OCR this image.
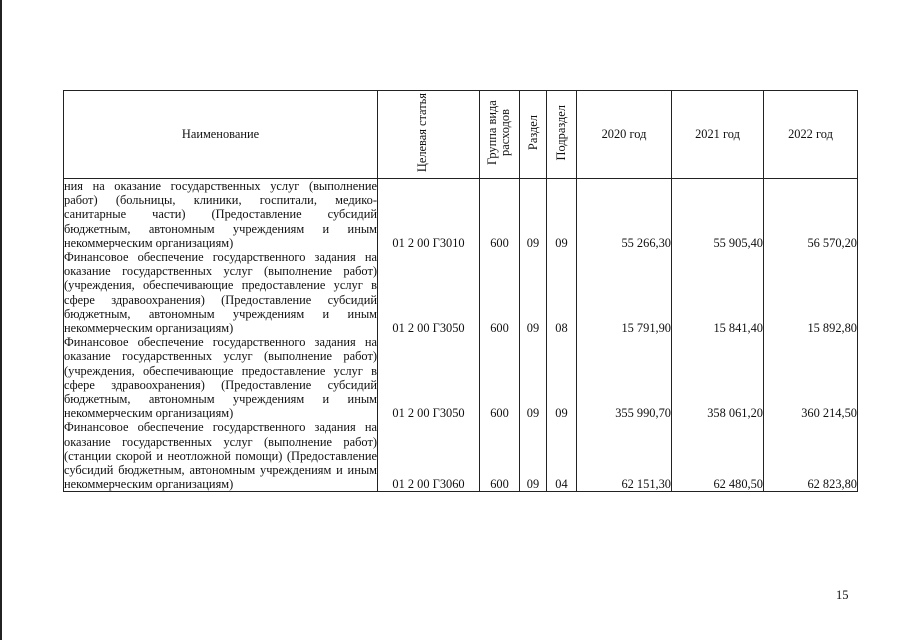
Наименование	Целевая статья	Группа вида расходов	Раздел	Подраздел	2020 год	2021 год	2022 год

ния на оказание государственных услуг (выполнение работ) (больницы, клиники, госпитали, медико-санитарные части) (Предоставление субсидий бюджетным, автономным учреждениям и иным некоммерческим организациям)	01 2 00 Г3010	600	09	09	55 266,30	55 905,40	56 570,20

Финансовое обеспечение государственного задания на оказание государственных услуг (выполнение работ) (учреждения, обеспечивающие предоставление услуг в сфере здравоохранения) (Предоставление субсидий бюджетным, автономным учреждениям и иным некоммерческим организациям)	01 2 00 Г3050	600	09	08	15 791,90	15 841,40	15 892,80

Финансовое обеспечение государственного задания на оказание государственных услуг (выполнение работ) (учреждения, обеспечивающие предоставление услуг в сфере здравоохранения) (Предоставление субсидий бюджетным, автономным учреждениям и иным некоммерческим организациям)	01 2 00 Г3050	600	09	09	355 990,70	358 061,20	360 214,50

Финансовое обеспечение государственного задания на оказание государственных услуг (выполнение работ) (станции скорой и неотложной помощи) (Предоставление субсидий бюджетным, автономным учреждениям и иным некоммерческим организациям)	01 2 00 Г3060	600	09	04	62 151,30	62 480,50	62 823,80
15
